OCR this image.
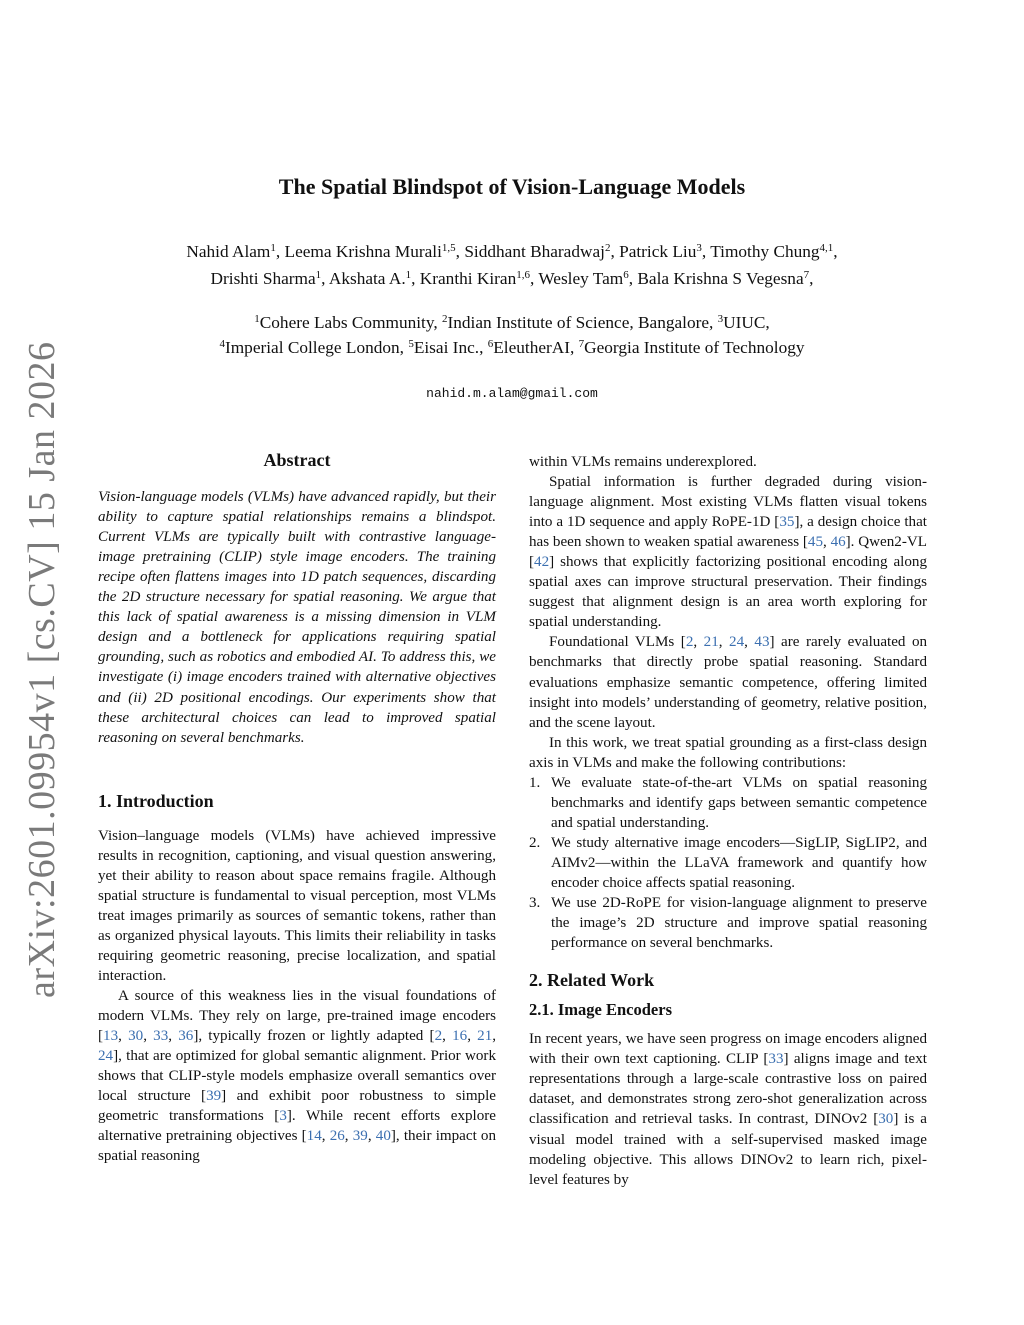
arXiv:2601.09954v1 [cs.CV] 15 Jan 2026
The Spatial Blindspot of Vision-Language Models
Nahid Alam$^1$, Leema Krishna Murali$^{1,5}$, Siddhant Bharadwaj$^2$, Patrick Liu$^3$, Timothy Chung$^{4,1}$,
Drishti Sharma$^1$, Akshata A.$^1$, Kranthi Kiran$^{1,6}$, Wesley Tam$^6$, Bala Krishna S Vegesna$^7$,
$^1$Cohere Labs Community, $^2$Indian Institute of Science, Bangalore, $^3$UIUC,
$^4$Imperial College London, $^5$Eisai Inc., $^6$EleutherAI, $^7$Georgia Institute of Technology
nahid.m.alam@gmail.com

Abstract

Vision-language models (VLMs) have advanced rapidly, but their ability to capture spatial relationships remains a blindspot. Current VLMs are typically built with contrastive language-image pretraining (CLIP) style image encoders. The training recipe often flattens images into 1D patch sequences, discarding the 2D structure necessary for spatial reasoning. We argue that this lack of spatial awareness is a missing dimension in VLM design and a bottleneck for applications requiring spatial grounding, such as robotics and embodied AI. To address this, we investigate (i) image encoders trained with alternative objectives and (ii) 2D positional encodings. Our experiments show that these architectural choices can lead to improved spatial reasoning on several benchmarks.

1. Introduction

Vision–language models (VLMs) have achieved impressive results in recognition, captioning, and visual question answering, yet their ability to reason about space remains fragile. Although spatial structure is fundamental to visual perception, most VLMs treat images primarily as sources of semantic tokens, rather than as organized physical layouts. This limits their reliability in tasks requiring geometric reasoning, precise localization, and spatial interaction.

A source of this weakness lies in the visual foundations of modern VLMs. They rely on large, pre-trained image encoders [13, 30, 33, 36], typically frozen or lightly adapted [2, 16, 21, 24], that are optimized for global semantic alignment. Prior work shows that CLIP-style models emphasize overall semantics over local structure [39] and exhibit poor robustness to simple geometric transformations [3]. While recent efforts explore alternative pretraining objectives [14, 26, 39, 40], their impact on spatial reasoning

within VLMs remains underexplored.

Spatial information is further degraded during vision-language alignment. Most existing VLMs flatten visual tokens into a 1D sequence and apply RoPE-1D [35], a design choice that has been shown to weaken spatial awareness [45, 46]. Qwen2-VL [42] shows that explicitly factorizing positional encoding along spatial axes can improve structural preservation. Their findings suggest that alignment design is an area worth exploring for spatial understanding.

Foundational VLMs [2, 21, 24, 43] are rarely evaluated on benchmarks that directly probe spatial reasoning. Standard evaluations emphasize semantic competence, offering limited insight into models’ understanding of geometry, relative position, and the scene layout.

In this work, we treat spatial grounding as a first-class design axis in VLMs and make the following contributions:

1. We evaluate state-of-the-art VLMs on spatial reasoning benchmarks and identify gaps between semantic competence and spatial understanding.
2. We study alternative image encoders—SigLIP, SigLIP2, and AIMv2—within the LLaVA framework and quantify how encoder choice affects spatial reasoning.
3. We use 2D-RoPE for vision-language alignment to preserve the image’s 2D structure and improve spatial reasoning performance on several benchmarks.

2. Related Work

2.1. Image Encoders

In recent years, we have seen progress on image encoders aligned with their own text captioning. CLIP [33] aligns image and text representations through a large-scale contrastive loss on paired dataset, and demonstrates strong zero-shot generalization across classification and retrieval tasks. In contrast, DINOv2 [30] is a visual model trained with a self-supervised masked image modeling objective. This allows DINOv2 to learn rich, pixel-level features by
